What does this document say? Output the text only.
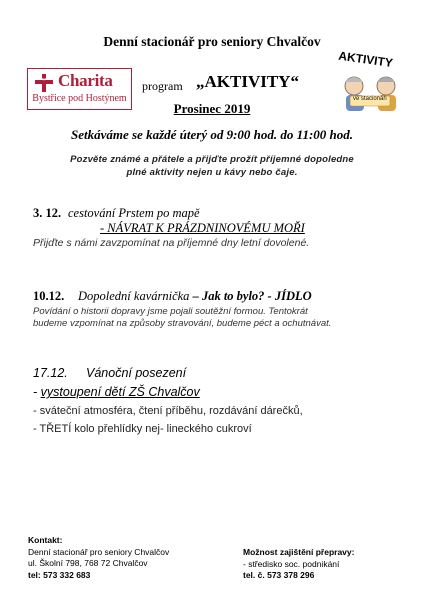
Denní stacionář pro seniory Chvalčov
Charita
Bystřice pod Hostýnem
program „AKTIVITY“
Prosinec 2019
AKTIVITY
ve stacionáři
Setkáváme se každé úterý od 9:00 hod. do 11:00 hod.
Pozvěte známé a přátele a přijďte prožít příjemné dopoledne
plné aktivity nejen u kávy nebo čaje.
3. 12. cestování Prstem po mapě
- NÁVRAT K PRÁZDNINOVÉMU MOŘI
Přijďte s námi zavzpomínat na příjemné dny letní dovolené.
10.12. Dopolední kavárnička – Jak to bylo? - JÍDLO
Povídání o historii dopravy jsme pojali soutěžní formou. Tentokrát
budeme vzpomínat na způsoby stravování, budeme péct a ochutnávat.
17.12. Vánoční posezení
- vystoupení dětí ZŠ Chvalčov
- sváteční atmosféra, čtení příběhu, rozdávání dárečků,
- TŘETÍ kolo přehlídky nej- lineckého cukroví
Kontakt:
Denní stacionář pro seniory Chvalčov
ul. Školní 798, 768 72 Chvalčov
tel: 573 332 683
Možnost zajištění přepravy:
- středisko soc. podnikání
tel. č. 573 378 296
